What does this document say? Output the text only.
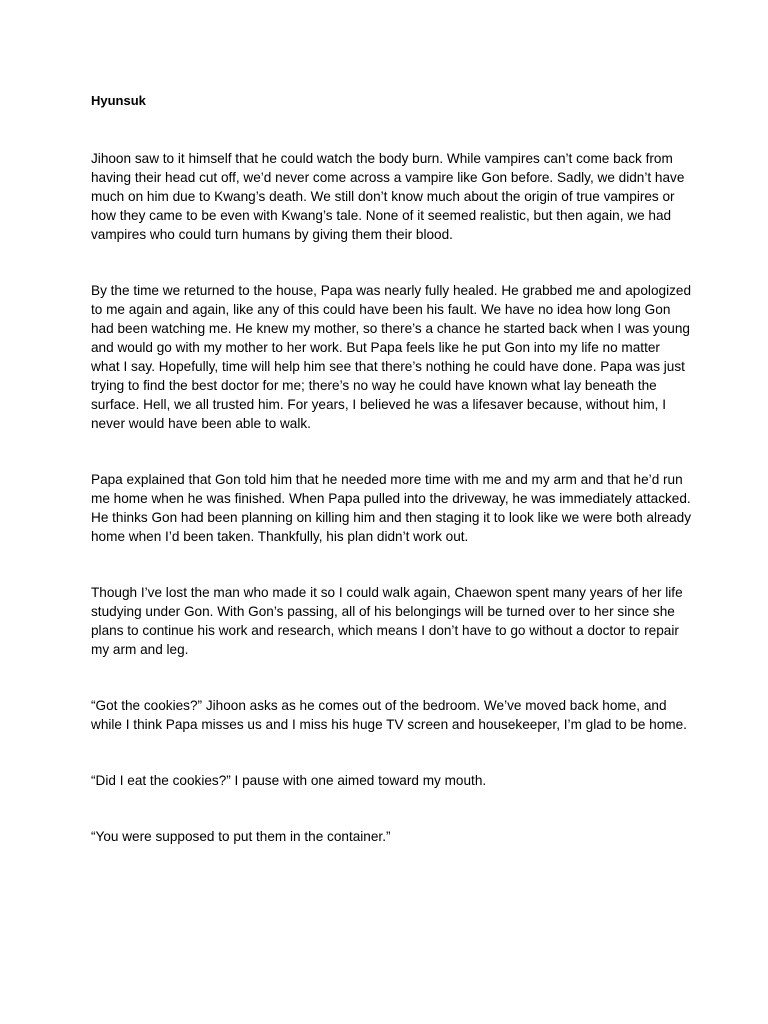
Hyunsuk

Jihoon saw to it himself that he could watch the body burn. While vampires can’t come back from having their head cut off, we’d never come across a vampire like Gon before. Sadly, we didn’t have much on him due to Kwang’s death. We still don’t know much about the origin of true vampires or how they came to be even with Kwang’s tale. None of it seemed realistic, but then again, we had vampires who could turn humans by giving them their blood.

By the time we returned to the house, Papa was nearly fully healed. He grabbed me and apologized to me again and again, like any of this could have been his fault. We have no idea how long Gon had been watching me. He knew my mother, so there’s a chance he started back when I was young and would go with my mother to her work. But Papa feels like he put Gon into my life no matter what I say. Hopefully, time will help him see that there’s nothing he could have done. Papa was just trying to find the best doctor for me; there’s no way he could have known what lay beneath the surface. Hell, we all trusted him. For years, I believed he was a lifesaver because, without him, I never would have been able to walk.

Papa explained that Gon told him that he needed more time with me and my arm and that he’d run me home when he was finished. When Papa pulled into the driveway, he was immediately attacked. He thinks Gon had been planning on killing him and then staging it to look like we were both already home when I’d been taken. Thankfully, his plan didn’t work out.

Though I’ve lost the man who made it so I could walk again, Chaewon spent many years of her life studying under Gon. With Gon’s passing, all of his belongings will be turned over to her since she plans to continue his work and research, which means I don’t have to go without a doctor to repair my arm and leg.

“Got the cookies?” Jihoon asks as he comes out of the bedroom. We’ve moved back home, and while I think Papa misses us and I miss his huge TV screen and housekeeper, I’m glad to be home.

“Did I eat the cookies?” I pause with one aimed toward my mouth.

“You were supposed to put them in the container.”
